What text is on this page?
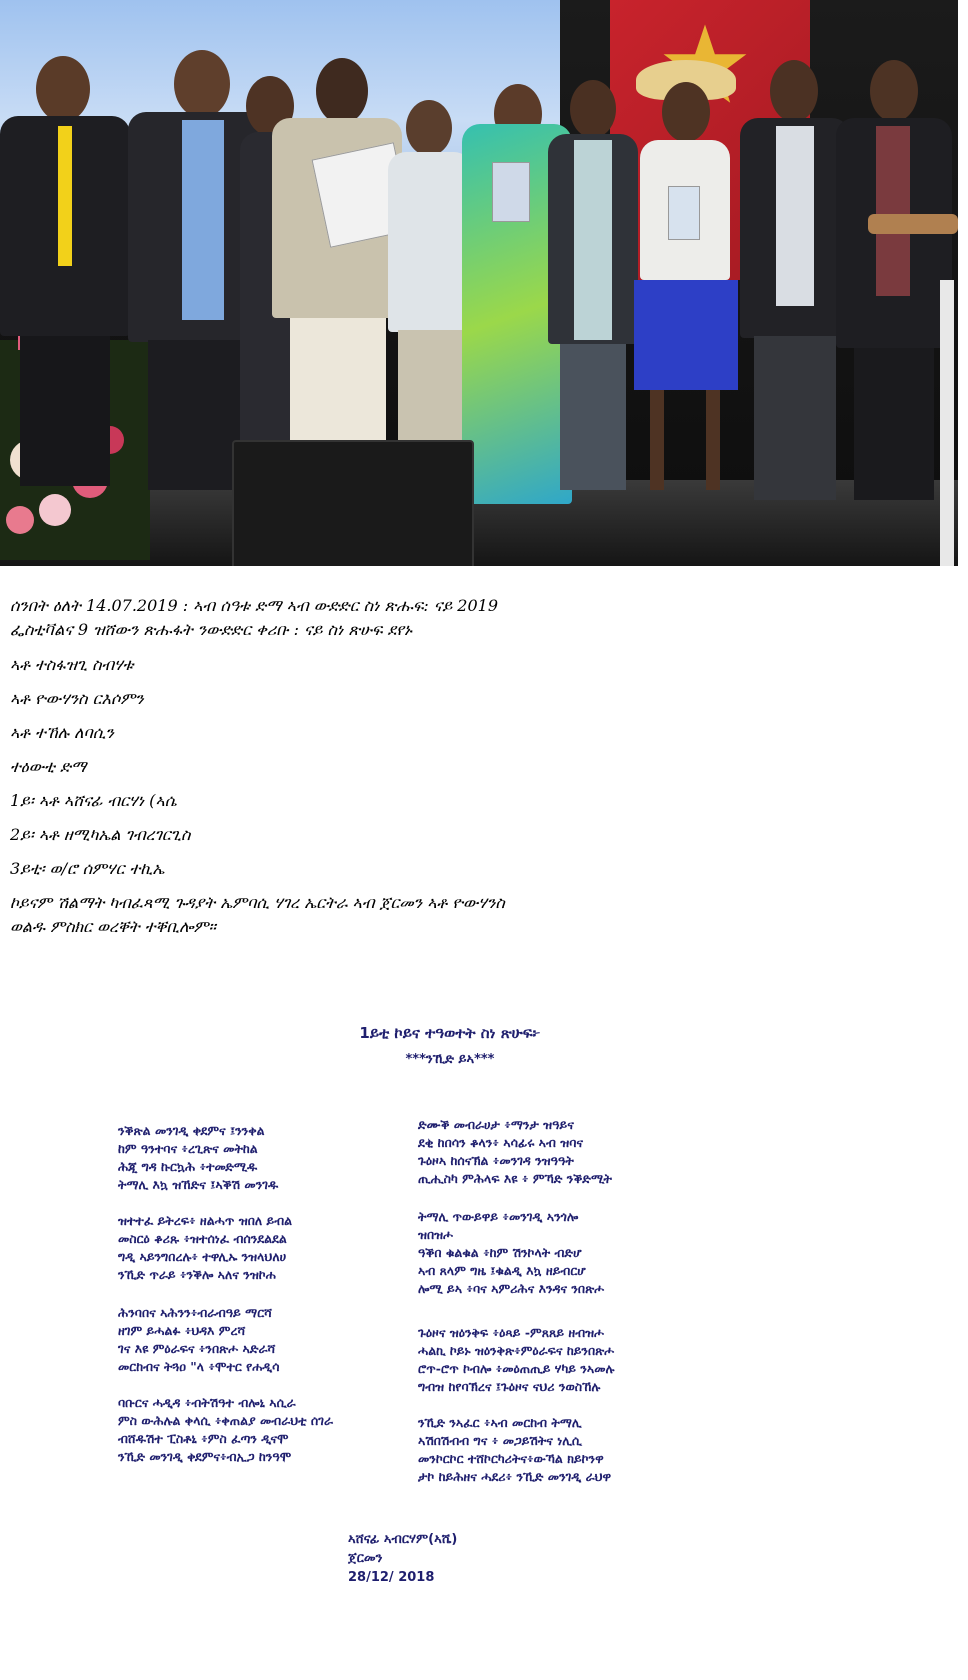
ሰንበት ዕለት 14.07.2019 : ኣብ ሰዓቱ ድማ ኣብ ውድድር ስነ ጽሑፍ: ናይ 2019
ፌስቲቫልና 9 ዝሸውን ጽሑፋት ንውድድር ቀሪቡ : ናይ ስነ ጽሁፍ ደየኑ
ኣቶ ተስፋዝጊ ስብሃቱ
ኣቶ ዮውሃንስ ርእሶምን
ኣቶ ተኸሉ ለባሲን
ተዕውቲ ድማ
1ይ፡ ኣቶ ኣሸናፊ ብርሃነ (ኣሴ
2ይ፡ ኣቶ ዘሚካኤል ገብረገርጊስ
3ይቲ፡ ወ/ሮ ሰምሃር ተኪኤ
ኮይናም ሽልማት ካብፈጻሚ ጉዳያት ኤምባሲ ሃገረ ኤርትራ ኣብ ጀርመን ኣቶ ዮውሃንስ
ወልዱ ምስክር ወረቐት ተቐቢሎም።
1ይቲ ኮይና ተዓወተት ስነ ጽሁፍ፦
***ንኺድ ይኣ***
ንቕጽል መንገዲ ቀደምና ፤ንንቀል
ከም ዓንተባና ፥ረጊጽና መትከል
ሕጂ ግዳ ኩርኳሕ ፥ተመድሚዱ
ትማሊ እኳ ዝኸድና ፤ኣቕሽ መንገዱ
ዝተተፈ ይትረፍ፥ ዘልሓጥ ዝበለ ይብል
መስርዕ ቆሪጹ ፥ዝተሰነፈ ብሰንደልደል
ግዲ ኣይንግበረሉ፥ ተዋሊኡ ንዝላህለሀ
ንኺድ ጥራይ ፥ንቕሎ ኣለና ንዝኮሐ
ሕንባበና ኣሕንን፥ብራብዓይ ማርሻ
ዘገም ይሓልፉ ፥ህዳእ ምረሻ
ገና እዩ ምዕራፍና ፥ንበጽሖ ኣድራሻ
መርከብና ትጓዐ "ላ ፥ሞተር የሐዲሳ
ባቡርና ሓዲዳ ፥ብትሽዓተ ብሎኒ ኣሲራ
ምስ ውሕሉል ቀላሲ ፥ቀጠልያ መብራህቲ ሰገራ
ብሸዱሽተ ፒስቶኒ ፥ምስ ፈጣን ዲናሞ
ንኺድ መንገዲ ቀደምና፥ብኢጋ ከንዓሞ
ድሙቕ መብራሀታ ፥ማንታ ዝዓይና
ደቂ ከበሳን ቆላን፥ ኣሳፊሩ ኣብ ዝባና
ጉዕዞኣ ከሰናኽል ፥መንገዳ ንዝዓዓት
ጢሒስካ ምሕላፍ እዩ ፥ ምኻድ ንቕድሚት
ትማሊ ጥውይዋይ ፥መንገዲ ኣንጎሎ
ዝበዝሖ
ዓቕበ ቁልቁል ፥ከም ሽንኮላት ብድሆ
ኣብ ጸላም ግዜ ፤ቁልዲ እኳ ዘይብርሆ
ሎሚ ይኣ ፥ባና ኣምሪሕና እንዳና ንበጽሖ
ጉዕዞና ዝዕንቅፍ ፥ዕጻይ -ምጸጸይ ዘብዝሖ
ሓልኪ ኮይኑ ዝዕንቅጽ፥ምዕራፍና ከይንበጽሖ
ሮጥ-ሮጥ ኮብሎ ፥መዕጠጢይ ሃካይ ንኣመሉ
ግብዝ ከየባኽረና ፤ጉዕዞና ናህሪ ንወስኸሉ
ንኺድ ንኣፈር ፥ኣብ መርከብ ትማሊ
ኣሽበሽብብ ግና ፥ መጋይሽትና ነሊሲ
መንኮርኮር ተሸኮርካሪትና፥ውኻል ክይኮንዋ
ታኮ ከይሕዘና ሓደሪ፥ ንኺድ መንገዲ ራህዋ
ኣሸናፊ ኣብርሃም(ኣሼ)
ጀርመን
28/12/ 2018
